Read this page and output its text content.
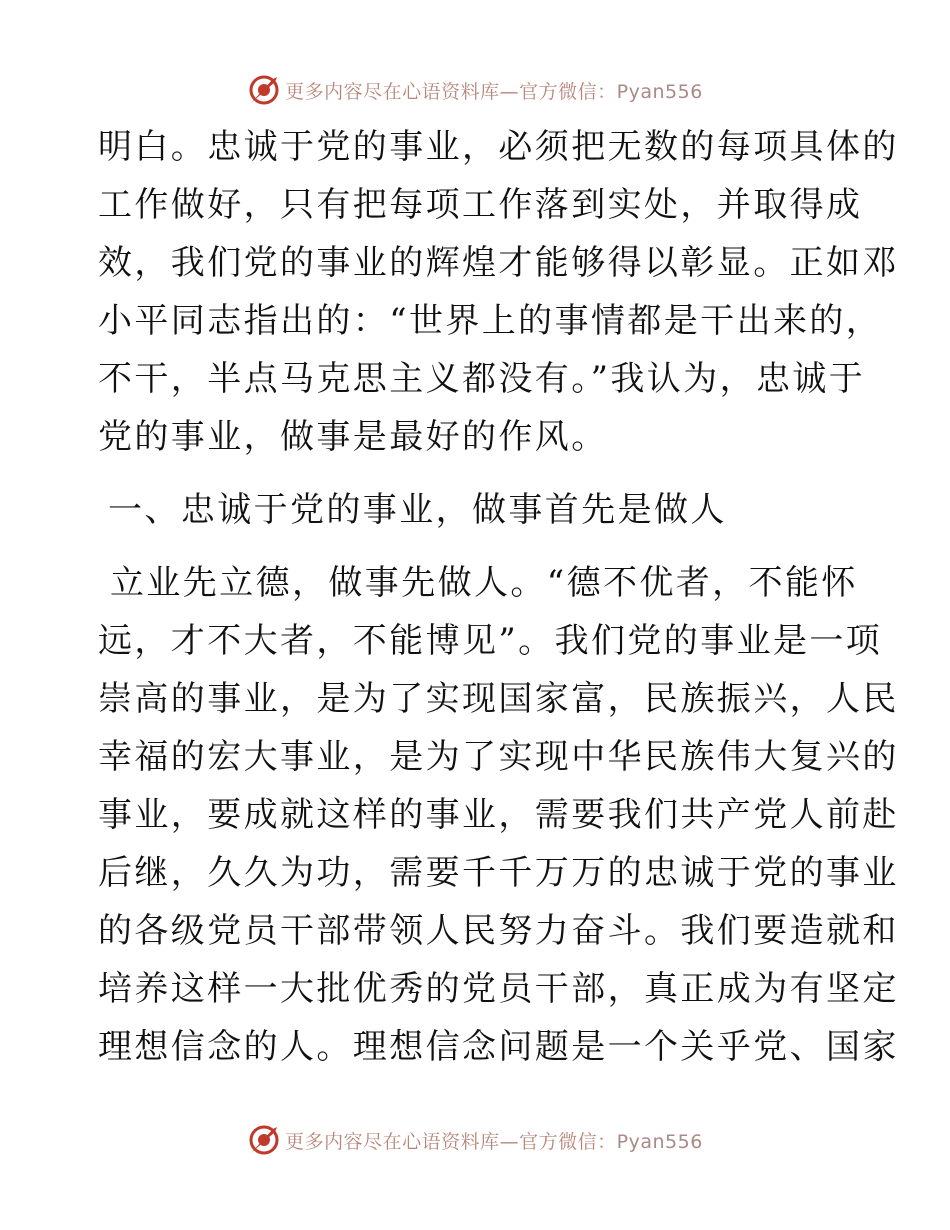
更多内容尽在心语资料库—官方微信：Pyan556

明白。忠诚于党的事业，必须把无数的每项具体的

工作做好，只有把每项工作落到实处，并取得成

效，我们党的事业的辉煌才能够得以彰显。正如邓

小平同志指出的：“世界上的事情都是干出来的，

不干，半点马克思主义都没有。”我认为，忠诚于

党的事业，做事是最好的作风。

一、忠诚于党的事业，做事首先是做人

立业先立德，做事先做人。“德不优者，不能怀

远，才不大者，不能博见”。我们党的事业是一项

崇高的事业，是为了实现国家富，民族振兴，人民

幸福的宏大事业，是为了实现中华民族伟大复兴的

事业，要成就这样的事业，需要我们共产党人前赴

后继，久久为功，需要千千万万的忠诚于党的事业

的各级党员干部带领人民努力奋斗。我们要造就和

培养这样一大批优秀的党员干部，真正成为有坚定

理想信念的人。理想信念问题是一个关乎党、国家

更多内容尽在心语资料库—官方微信：Pyan556
